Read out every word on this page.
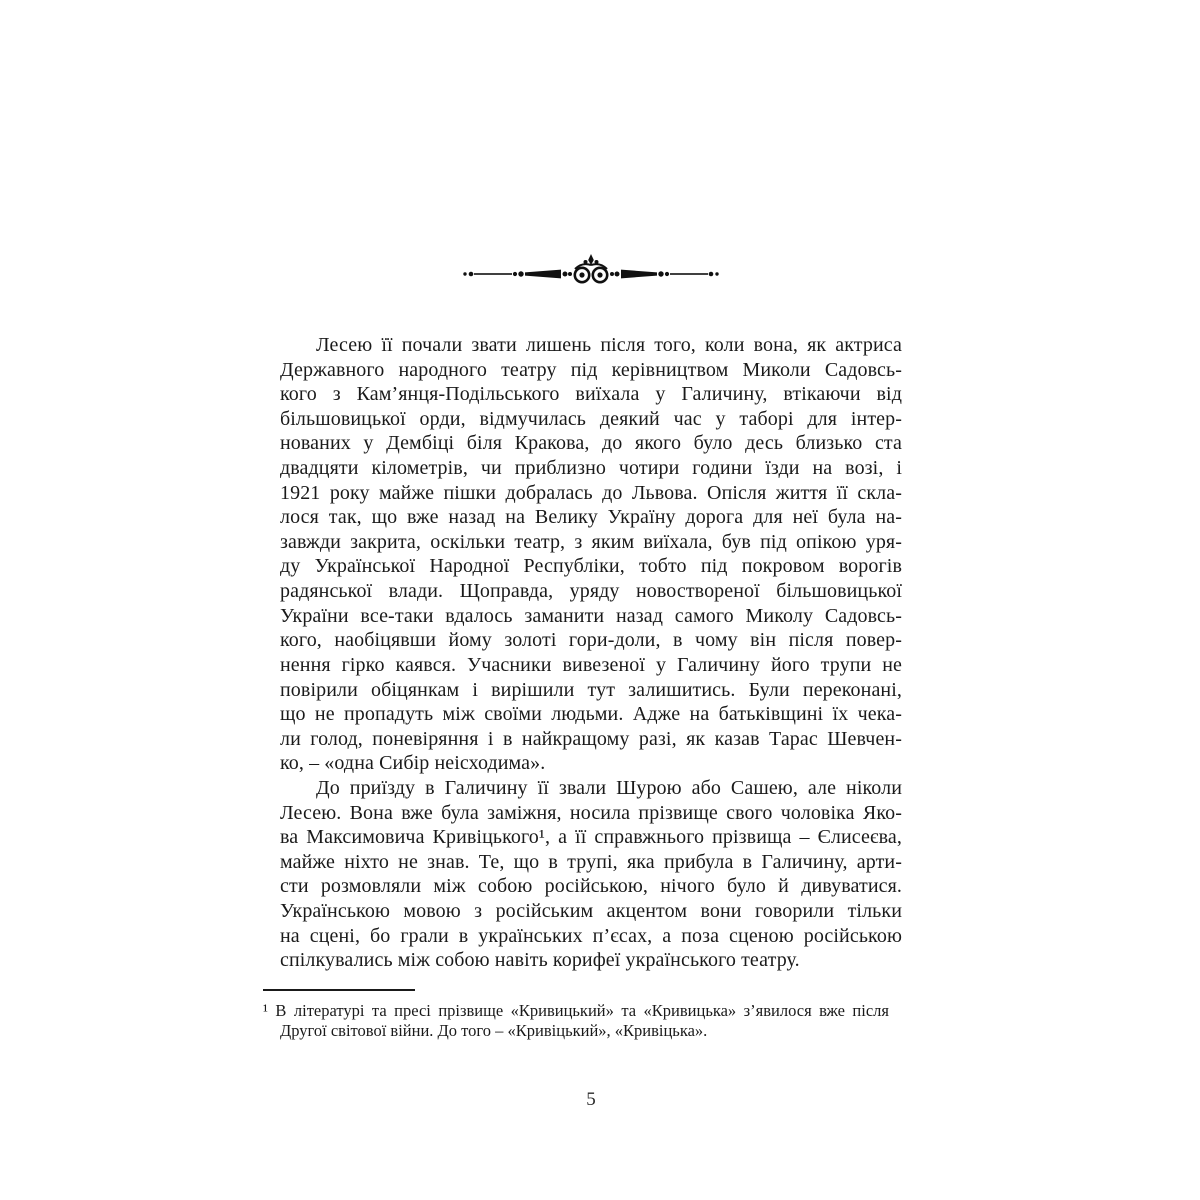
Лесею її почали звати лишень після того, коли вона, як актриса
Державного народного театру під керівництвом Миколи Садовсь-
кого з Кам’янця-Подільського виїхала у Галичину, втікаючи від
більшовицької орди, відмучилась деякий час у таборі для інтер-
нованих у Дембіці біля Кракова, до якого було десь близько ста
двадцяти кілометрів, чи приблизно чотири години їзди на возі, і
1921 року майже пішки добралась до Львова. Опісля життя її скла-
лося так, що вже назад на Велику Україну дорога для неї була на-
завжди закрита, оскільки театр, з яким виїхала, був під опікою уря-
ду Української Народної Республіки, тобто під покровом ворогів
радянської влади. Щоправда, уряду новоствореної більшовицької
України все-таки вдалось заманити назад самого Миколу Садовсь-
кого, наобіцявши йому золоті гори-доли, в чому він після повер-
нення гірко каявся. Учасники вивезеної у Галичину його трупи не
повірили обіцянкам і вирішили тут залишитись. Були переконані,
що не пропадуть між своїми людьми. Адже на батьківщині їх чека-
ли голод, поневіряння і в найкращому разі, як казав Тарас Шевчен-
ко, – «одна Сибір неісходима».
До приїзду в Галичину її звали Шурою або Сашею, але ніколи
Лесею. Вона вже була заміжня, носила прізвище свого чоловіка Яко-
ва Максимовича Кривіцького¹, а її справжнього прізвища – Єлисеєва,
майже ніхто не знав. Те, що в трупі, яка прибула в Галичину, арти-
сти розмовляли між собою російською, нічого було й дивуватися.
Українською мовою з російським акцентом вони говорили тільки
на сцені, бо грали в українських п’єсах, а поза сценою російською
спілкувались між собою навіть корифеї українського театру.
¹ В літературі та пресі прізвище «Кривицький» та «Кривицька» з’явилося вже після
Другої світової війни. До того – «Кривіцький», «Кривіцька».
5
